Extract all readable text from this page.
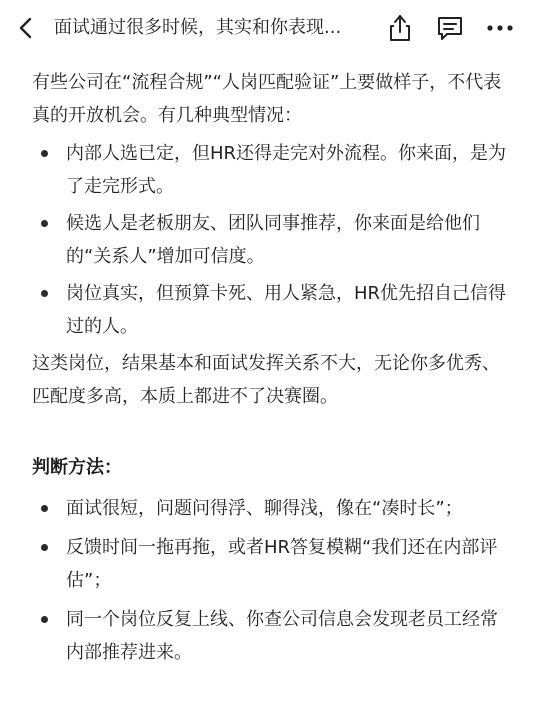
面试通过很多时候，其实和你表现...

有些公司在“流程合规”“人岗匹配验证”上要做样子，不代表真的开放机会。有几种典型情况：

内部人选已定，但HR还得走完对外流程。你来面，是为了走完形式。
候选人是老板朋友、团队同事推荐，你来面是给他们的“关系人”增加可信度。
岗位真实，但预算卡死、用人紧急，HR优先招自己信得过的人。

这类岗位，结果基本和面试发挥关系不大，无论你多优秀、匹配度多高，本质上都进不了决赛圈。

判断方法：
面试很短，问题问得浮、聊得浅，像在“凑时长”；
反馈时间一拖再拖，或者HR答复模糊“我们还在内部评估”；
同一个岗位反复上线、你查公司信息会发现老员工经常内部推荐进来。
